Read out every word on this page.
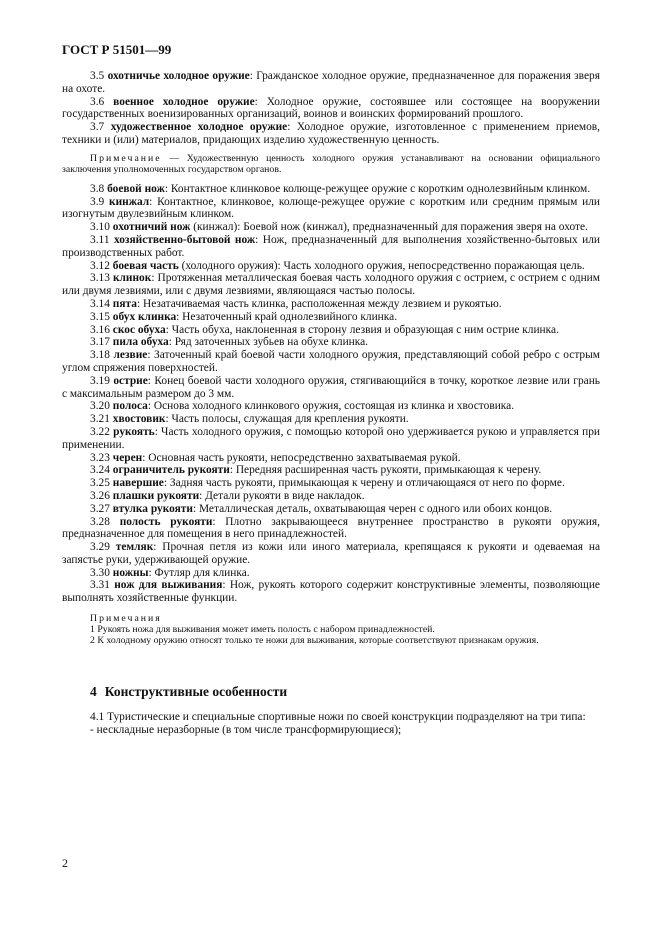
ГОСТ Р 51501—99

3.5 охотничье холодное оружие: Гражданское холодное оружие, предназначенное для поражения зверя на охоте.

3.6 военное холодное оружие: Холодное оружие, состоявшее или состоящее на вооружении государственных военизированных организаций, воинов и воинских формирований прошлого.

3.7 художественное холодное оружие: Холодное оружие, изготовленное с применением приемов, техники и (или) материалов, придающих изделию художественную ценность.

Примечание — Художественную ценность холодного оружия устанавливают на основании официального заключения уполномоченных государством органов.

3.8 боевой нож: Контактное клинковое колюще-режущее оружие с коротким однолезвийным клинком.

3.9 кинжал: Контактное, клинковое, колюще-режущее оружие с коротким или средним прямым или изогнутым двулезвийным клинком.

3.10 охотничий нож (кинжал): Боевой нож (кинжал), предназначенный для поражения зверя на охоте.

3.11 хозяйственно-бытовой нож: Нож, предназначенный для выполнения хозяйственно-бытовых или производственных работ.

3.12 боевая часть (холодного оружия): Часть холодного оружия, непосредственно поражающая цель.

3.13 клинок: Протяженная металлическая боевая часть холодного оружия с острием, с острием с одним или двумя лезвиями, или с двумя лезвиями, являющаяся частью полосы.

3.14 пята: Незатачиваемая часть клинка, расположенная между лезвием и рукоятью.

3.15 обух клинка: Незаточенный край однолезвийного клинка.

3.16 скос обуха: Часть обуха, наклоненная в сторону лезвия и образующая с ним острие клинка.

3.17 пила обуха: Ряд заточенных зубьев на обухе клинка.

3.18 лезвие: Заточенный край боевой части холодного оружия, представляющий собой ребро с острым углом спряжения поверхностей.

3.19 острие: Конец боевой части холодного оружия, стягивающийся в точку, короткое лезвие или грань с максимальным размером до 3 мм.

3.20 полоса: Основа холодного клинкового оружия, состоящая из клинка и хвостовика.

3.21 хвостовик: Часть полосы, служащая для крепления рукояти.

3.22 рукоять: Часть холодного оружия, с помощью которой оно удерживается рукою и управляется при применении.

3.23 черен: Основная часть рукояти, непосредственно захватываемая рукой.

3.24 ограничитель рукояти: Передняя расширенная часть рукояти, примыкающая к черену.

3.25 навершие: Задняя часть рукояти, примыкающая к черену и отличающаяся от него по форме.

3.26 плашки рукояти: Детали рукояти в виде накладок.

3.27 втулка рукояти: Металлическая деталь, охватывающая черен с одного или обоих концов.

3.28 полость рукояти: Плотно закрывающееся внутреннее пространство в рукояти оружия, предназначенное для помещения в него принадлежностей.

3.29 темляк: Прочная петля из кожи или иного материала, крепящаяся к рукояти и одеваемая на запястье руки, удерживающей оружие.

3.30 ножны: Футляр для клинка.

3.31 нож для выживания: Нож, рукоять которого содержит конструктивные элементы, позволяющие выполнять хозяйственные функции.

Примечания
1 Рукоять ножа для выживания может иметь полость с набором принадлежностей.
2 К холодному оружию относят только те ножи для выживания, которые соответствуют признакам оружия.
4 Конструктивные особенности

4.1 Туристические и специальные спортивные ножи по своей конструкции подразделяют на три типа:

- нескладные неразборные (в том числе трансформирующиеся);

2
